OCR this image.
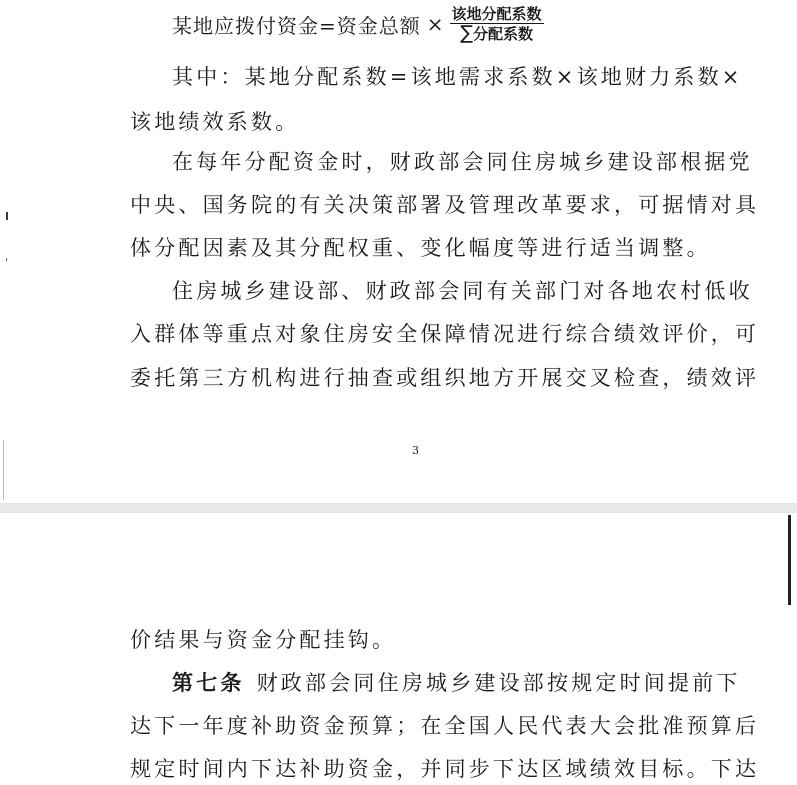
某地应拨付资金=资金总额 × $\frac{\text{该地分配系数}}{\text{∑分配系数}}$
其中：某地分配系数=该地需求系数×该地财力系数×
该地绩效系数。
在每年分配资金时，财政部会同住房城乡建设部根据党
中央、国务院的有关决策部署及管理改革要求，可据情对具
体分配因素及其分配权重、变化幅度等进行适当调整。
住房城乡建设部、财政部会同有关部门对各地农村低收
入群体等重点对象住房安全保障情况进行综合绩效评价，可
委托第三方机构进行抽查或组织地方开展交叉检查，绩效评
3
价结果与资金分配挂钩。
第七条 财政部会同住房城乡建设部按规定时间提前下
达下一年度补助资金预算；在全国人民代表大会批准预算后
规定时间内下达补助资金，并同步下达区域绩效目标。下达
